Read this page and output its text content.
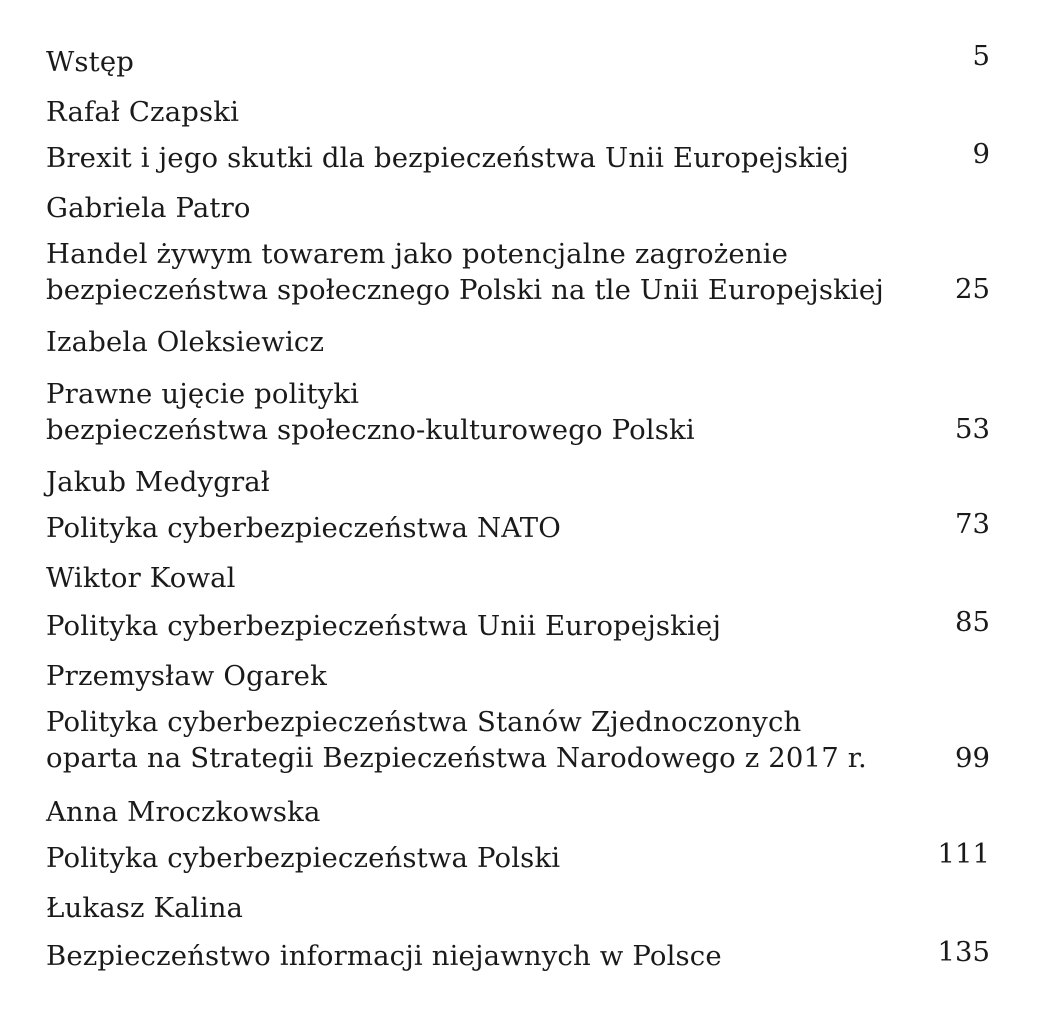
Wstęp	5
Rafał Czapski
Brexit i jego skutki dla bezpieczeństwa Unii Europejskiej	9
Gabriela Patro
Handel żywym towarem jako potencjalne zagrożenie
bezpieczeństwa społecznego Polski na tle Unii Europejskiej	25
Izabela Oleksiewicz
Prawne ujęcie polityki
bezpieczeństwa społeczno-kulturowego Polski	53
Jakub Medygrał
Polityka cyberbezpieczeństwa NATO	73
Wiktor Kowal
Polityka cyberbezpieczeństwa Unii Europejskiej	85
Przemysław Ogarek
Polityka cyberbezpieczeństwa Stanów Zjednoczonych
oparta na Strategii Bezpieczeństwa Narodowego z 2017 r.	99
Anna Mroczkowska
Polityka cyberbezpieczeństwa Polski	111
Łukasz Kalina
Bezpieczeństwo informacji niejawnych w Polsce	135
